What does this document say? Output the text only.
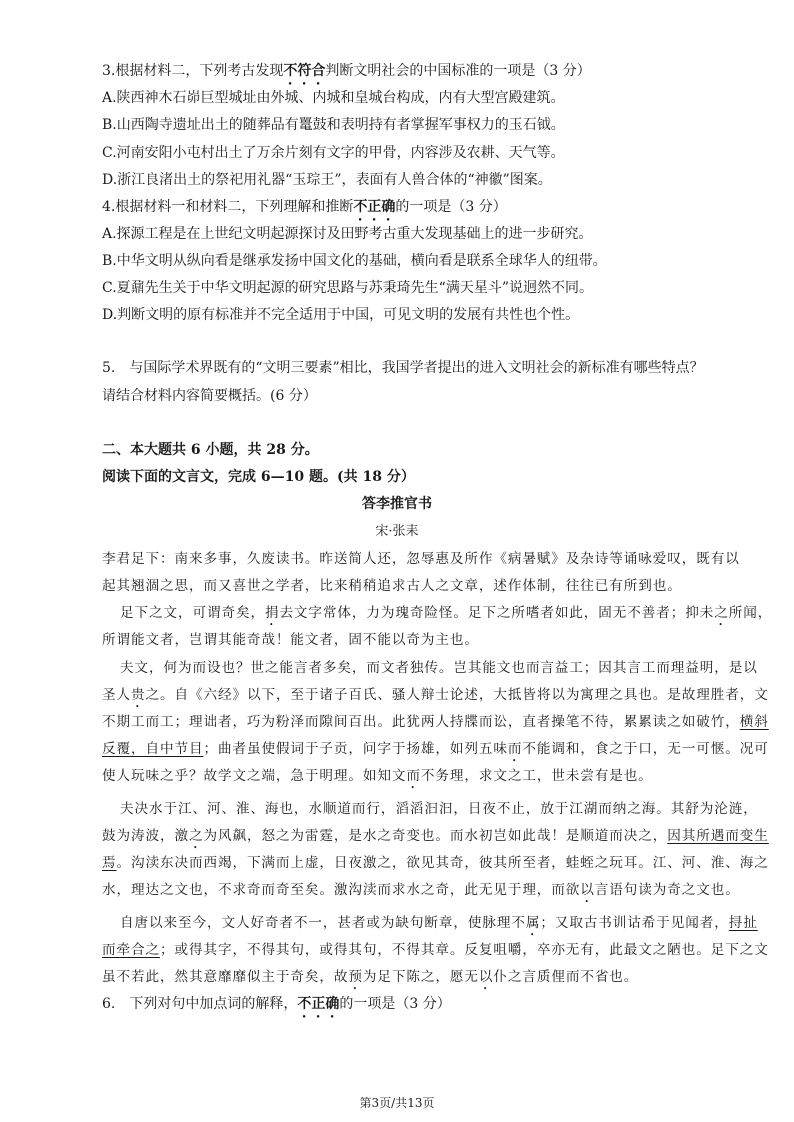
3.根据材料二，下列考古发现不符合判断文明社会的中国标准的一项是（3 分）
A.陕西神木石峁巨型城址由外城、内城和皇城台构成，内有大型宫殿建筑。
B.山西陶寺遗址出土的随葬品有鼍鼓和表明持有者掌握军事权力的玉石钺。
C.河南安阳小屯村出土了万余片刻有文字的甲骨，内容涉及农耕、天气等。
D.浙江良渚出土的祭祀用礼器“玉琮王”，表面有人兽合体的“神徽”图案。
4.根据材料一和材料二，下列理解和推断不正确的一项是（3 分）
A.探源工程是在上世纪文明起源探讨及田野考古重大发现基础上的进一步研究。
B.中华文明从纵向看是继承发扬中国文化的基础，横向看是联系全球华人的纽带。
C.夏鼐先生关于中华文明起源的研究思路与苏秉琦先生“满天星斗”说迥然不同。
D.判断文明的原有标准并不完全适用于中国，可见文明的发展有共性也个性。
5.　与国际学术界既有的“文明三要素”相比，我国学者提出的进入文明社会的新标准有哪些特点？
请结合材料内容简要概括。(6 分）
二、本大题共 6 小题，共 28 分。
阅读下面的文言文，完成 6—10 题。(共 18 分）
答李推官书
宋·张耒
李君足下：南来多事，久废读书。昨送简人还，忽辱惠及所作《病暑赋》及杂诗等诵咏爱叹，既有以
起其翘涸之思，而又喜世之学者，比来稍稍追求古人之文章，述作体制，往往已有所到也。
足下之文，可谓奇矣，捐去文字常体，力为瑰奇险怪。足下之所嗜者如此，固无不善者；抑未之所闻，
所谓能文者，岂谓其能奇哉！能文者，固不能以奇为主也。
夫文，何为而设也？世之能言者多矣，而文者独传。岂其能文也而言益工；因其言工而理益明，是以
圣人贵之。自《六经》以下，至于诸子百氏、骚人辩士论述，大抵皆将以为寓理之具也。是故理胜者，文
不期工而工；理诎者，巧为粉泽而隙间百出。此犹两人持牒而讼，直者操笔不待，累累读之如破竹，横斜
反覆，自中节目；曲者虽使假词于子贡，问字于扬雄，如列五味而不能调和，食之于口，无一可惬。况可
使人玩味之乎？故学文之端，急于明理。如知文而不务理，求文之工，世未尝有是也。
夫决水于江、河、淮、海也，水顺道而行，滔滔汩汩，日夜不止，放于江湖而纳之海。其舒为沦涟，
鼓为涛波，激之为风飙，怒之为雷霆，是水之奇变也。而水初岂如此哉！是顺道而决之，因其所遇而变生
焉。沟渎东决而西竭，下满而上虚，日夜激之，欲见其奇，彼其所至者，蛙蛭之玩耳。江、河、淮、海之
水，理达之文也，不求奇而奇至矣。激沟渎而求水之奇，此无见于理，而欲以言语句读为奇之文也。
自唐以来至今，文人好奇者不一，甚者或为缺句断章，使脉理不属；又取古书训诂希于见闻者，挦扯
而牵合之；或得其字，不得其句，或得其句，不得其章。反复咀嚼，卒亦无有，此最文之陋也。足下之文
虽不若此，然其意靡靡似主于奇矣，故预为足下陈之，愿无以仆之言质俚而不省也。
6.　下列对句中加点词的解释，不正确的一项是（3 分）
第3页/共13页
